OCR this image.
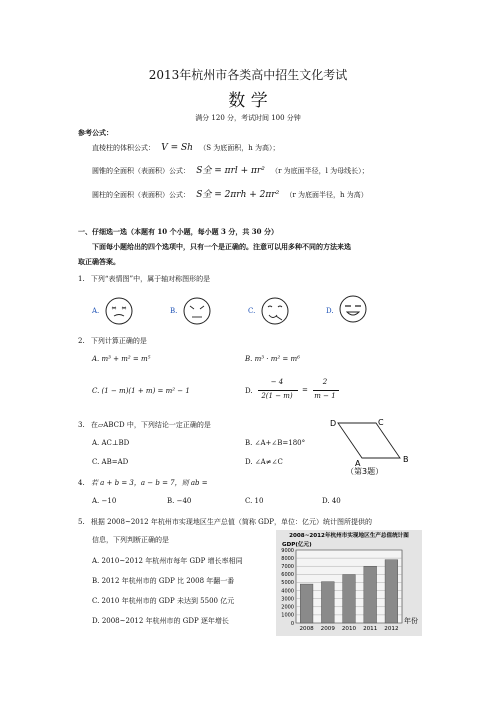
2013年杭州市各类高中招生文化考试
数 学
满分 120 分，考试时间 100 分钟
参考公式：
直棱柱的体积公式： V = Sh （S 为底面积，h 为高）；
圆锥的全面积（表面积）公式： S全 = πrl + πr² （r 为底面半径，l 为母线长）；
圆柱的全面积（表面积）公式： S全 = 2πrh + 2πr² （r 为底面半径，h 为高）
一、仔细选一选（本题有 10 个小题，每小题 3 分，共 30 分）
下面每小题给出的四个选项中，只有一个是正确的。注意可以用多种不同的方法来选
取正确答案。
1. 下列“表情图”中，属于轴对称图形的是
A.	B.	C.	D.
2. 下列计算正确的是
A. m³ + m² = m⁵	B. m³ · m² = m⁶
C. (1 − m)(1 + m) = m² − 1	D.
− 4
2(1 − m)
=
2
m − 1
3. 在▱ABCD 中，下列结论一定正确的是
A. AC⊥BD	B. ∠A+∠B=180°
C. AB=AD	D. ∠A≠∠C
D	C
A	B
（第3题）
4. 若 a + b = 3，a − b = 7，则 ab =
A. −10	B. −40	C. 10	D. 40
5. 根据 2008~2012 年杭州市实现地区生产总值（简称 GDP，单位：亿元）统计图所提供的
信息，下列判断正确的是
A. 2010~2012 年杭州市每年 GDP 增长率相同
B. 2012 年杭州市的 GDP 比 2008 年翻一番
C. 2010 年杭州市的 GDP 未达到 5500 亿元
D. 2008~2012 年杭州市的 GDP 逐年增长
2008~2012年杭州市实现地区生产总值统计图
GDP(亿元)
年份
0
1000
2000
3000
4000
5000
6000
7000
8000
9000
2008 2009 2010 2011 2012
